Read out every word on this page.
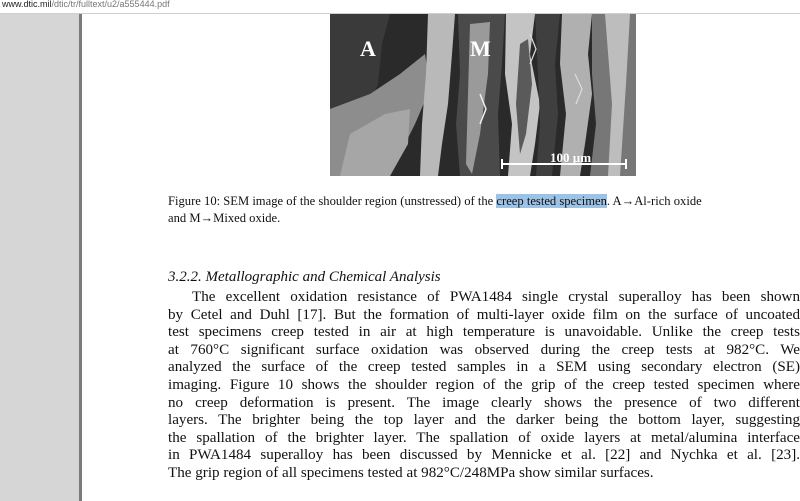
www.dtic.mil/dtic/tr/fulltext/u2/a555444.pdf
A	M
100 µm
Figure 10: SEM image of the shoulder region (unstressed) of the creep tested specimen. A→Al-rich oxide
and M→Mixed oxide.
3.2.2. Metallographic and Chemical Analysis
The excellent oxidation resistance of PWA1484 single crystal superalloy has been shown
by Cetel and Duhl [17]. But the formation of multi-layer oxide film on the surface of uncoated
test specimens creep tested in air at high temperature is unavoidable. Unlike the creep tests
at 760°C significant surface oxidation was observed during the creep tests at 982°C. We
analyzed the surface of the creep tested samples in a SEM using secondary electron (SE)
imaging. Figure 10 shows the shoulder region of the grip of the creep tested specimen where
no creep deformation is present. The image clearly shows the presence of two different
layers. The brighter being the top layer and the darker being the bottom layer, suggesting
the spallation of the brighter layer. The spallation of oxide layers at metal/alumina interface
in PWA1484 superalloy has been discussed by Mennicke et al. [22] and Nychka et al. [23].
The grip region of all specimens tested at 982°C/248MPa show similar surfaces.
